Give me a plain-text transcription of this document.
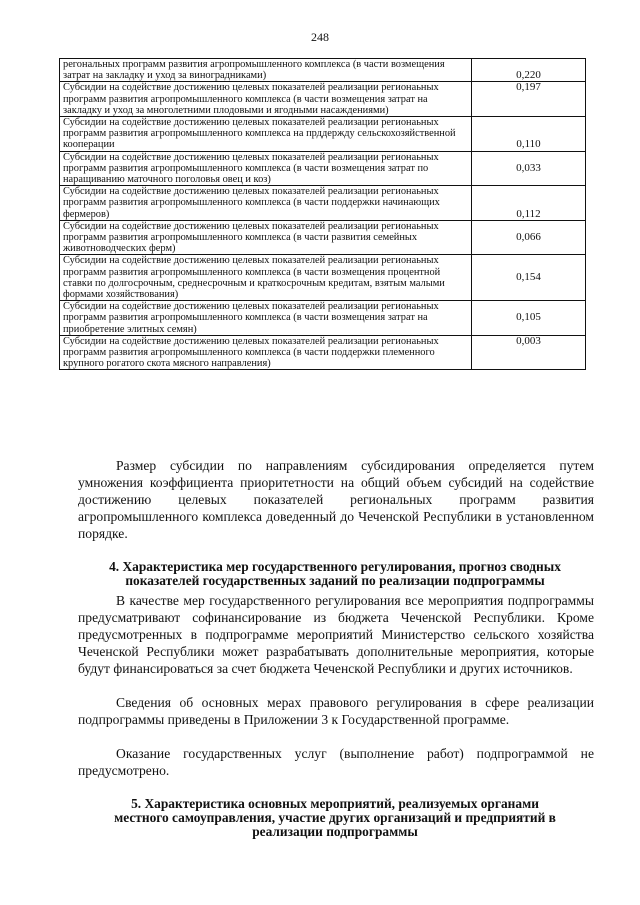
248
регональных программ развития агропромышленного комплекса (в части возмещения затрат на закладку и уход за виноградниками)	0,220
Субсидии на содействие достижению целевых показателей реализации регионаьных программ развития агропромышленного комплекса (в части возмещения затрат на закладку и уход за многолетними плодовыми и ягодными насаждениями)	0,197
Субсидии на содействие достижению целевых показателей реализации регионаьных программ развития агропромышленного комплекса на прддержду сельскохозяйственной кооперации	0,110
Субсидии на содействие достижению целевых показателей реализации регионаьных программ развития агропромышленного комплекса (в части возмещения затрат по наращиванию маточного поголовья овец и коз)	0,033
Субсидии на содействие достижению целевых показателей реализации регионаьных программ развития агропромышленного комплекса (в части поддержки начинающих фермеров)	0,112
Субсидии на содействие достижению целевых показателей реализации регионаьных программ развития агропромышленного комплекса (в части развития семейных животноводческих ферм)	0,066
Субсидии на содействие достижению целевых показателей реализации регионаьных программ развития агропромышленного комплекса (в части возмещения процентной ставки по долгосрочным, среднесрочным и краткосрочным кредитам, взятым малыми формами хозяйствования)	0,154
Субсидии на содействие достижению целевых показателей реализации регионаьных программ развития агропромышленного комплекса (в части возмещения затрат на приобретение элитных семян)	0,105
Субсидии на содействие достижению целевых показателей реализации регионаьных программ развития агропромышленного комплекса (в части поддержки племенного крупного рогатого скота мясного направления)	0,003

Размер субсидии по направлениям субсидирования определяется путем умножения коэффициента приоритетности на общий объем субсидий на содействие достижению целевых показателей региональных программ развития агропромышленного комплекса доведенный до Чеченской Республики в установленном порядке.

4. Характеристика мер государственного регулирования, прогноз сводных
показателей государственных заданий по реализации подпрограммы

В качестве мер государственного регулирования все мероприятия подпрограммы предусматривают софинансирование из бюджета Чеченской Республики. Кроме предусмотренных в подпрограмме мероприятий Министерство сельского хозяйства Чеченской Республики может разрабатывать дополнительные мероприятия, которые будут финансироваться за счет бюджета Чеченской Республики и других источников.

Сведения об основных мерах правового регулирования в сфере реализации подпрограммы приведены в Приложении 3 к Государственной программе.

Оказание государственных услуг (выполнение работ) подпрограммой не предусмотрено.

5. Характеристика основных мероприятий, реализуемых органами
местного самоуправления, участие других организаций и предприятий в
реализации подпрограммы
